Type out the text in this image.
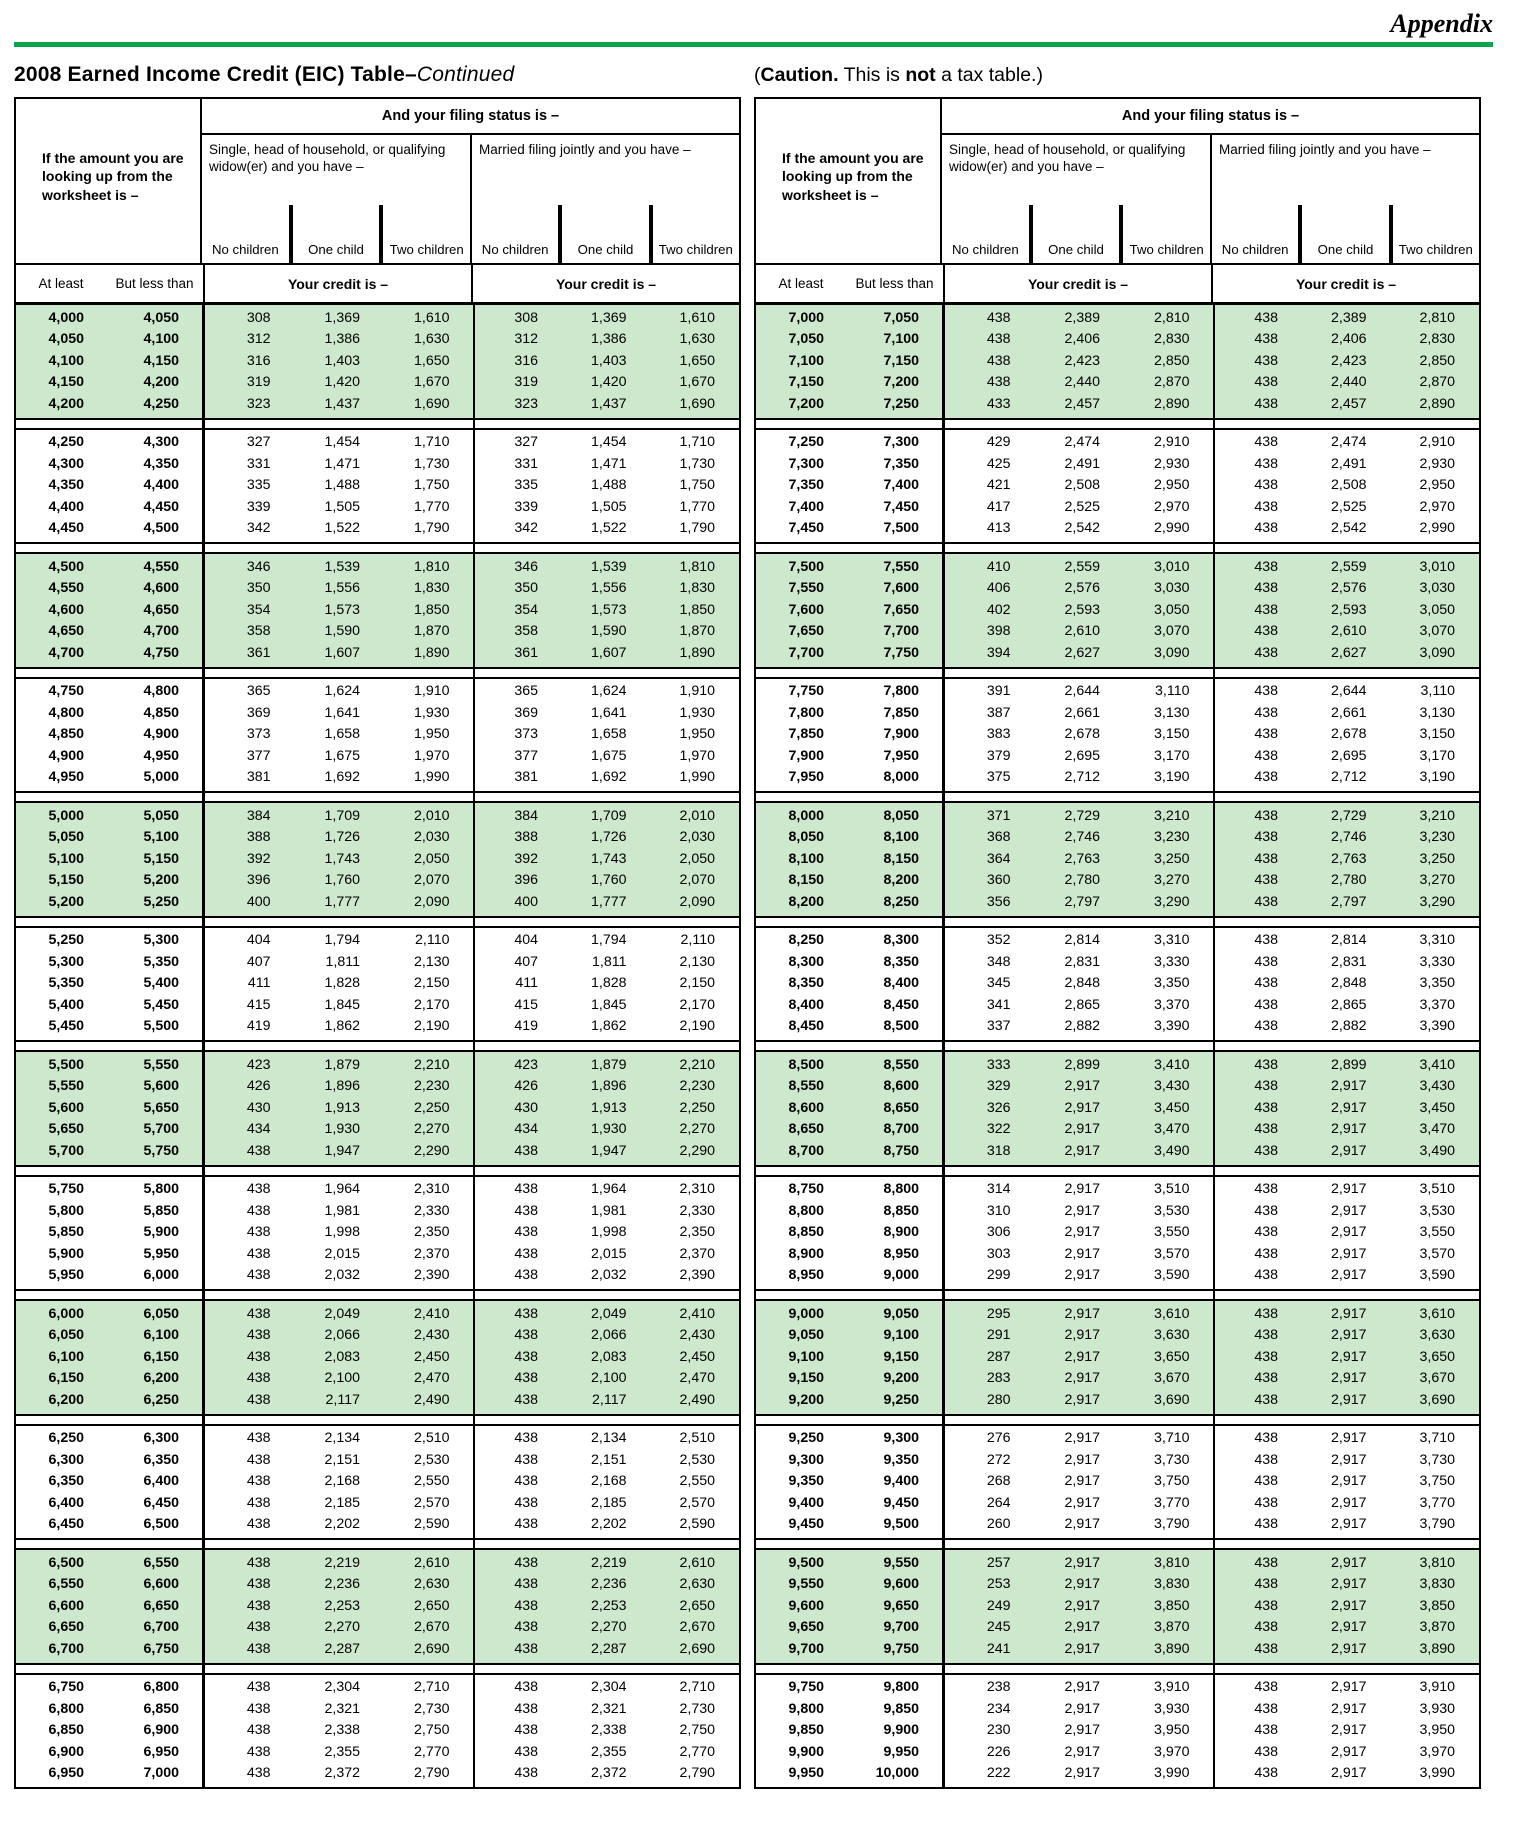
Appendix
2008 Earned Income Credit (EIC) Table–Continued	(Caution. This is not a tax table.)
If the amount you are looking up from the worksheet is –
And your filing status is –
Single, head of household, or qualifying widow(er) and you have –
No children	One child	Two children
Married filing jointly and you have –
No children	One child	Two children
At least	But less than	Your credit is –	Your credit is –
4,000	4,050	308	1,369	1,610	308	1,369	1,610
4,050	4,100	312	1,386	1,630	312	1,386	1,630
4,100	4,150	316	1,403	1,650	316	1,403	1,650
4,150	4,200	319	1,420	1,670	319	1,420	1,670
4,200	4,250	323	1,437	1,690	323	1,437	1,690
4,250	4,300	327	1,454	1,710	327	1,454	1,710
4,300	4,350	331	1,471	1,730	331	1,471	1,730
4,350	4,400	335	1,488	1,750	335	1,488	1,750
4,400	4,450	339	1,505	1,770	339	1,505	1,770
4,450	4,500	342	1,522	1,790	342	1,522	1,790
4,500	4,550	346	1,539	1,810	346	1,539	1,810
4,550	4,600	350	1,556	1,830	350	1,556	1,830
4,600	4,650	354	1,573	1,850	354	1,573	1,850
4,650	4,700	358	1,590	1,870	358	1,590	1,870
4,700	4,750	361	1,607	1,890	361	1,607	1,890
4,750	4,800	365	1,624	1,910	365	1,624	1,910
4,800	4,850	369	1,641	1,930	369	1,641	1,930
4,850	4,900	373	1,658	1,950	373	1,658	1,950
4,900	4,950	377	1,675	1,970	377	1,675	1,970
4,950	5,000	381	1,692	1,990	381	1,692	1,990
5,000	5,050	384	1,709	2,010	384	1,709	2,010
5,050	5,100	388	1,726	2,030	388	1,726	2,030
5,100	5,150	392	1,743	2,050	392	1,743	2,050
5,150	5,200	396	1,760	2,070	396	1,760	2,070
5,200	5,250	400	1,777	2,090	400	1,777	2,090
5,250	5,300	404	1,794	2,110	404	1,794	2,110
5,300	5,350	407	1,811	2,130	407	1,811	2,130
5,350	5,400	411	1,828	2,150	411	1,828	2,150
5,400	5,450	415	1,845	2,170	415	1,845	2,170
5,450	5,500	419	1,862	2,190	419	1,862	2,190
5,500	5,550	423	1,879	2,210	423	1,879	2,210
5,550	5,600	426	1,896	2,230	426	1,896	2,230
5,600	5,650	430	1,913	2,250	430	1,913	2,250
5,650	5,700	434	1,930	2,270	434	1,930	2,270
5,700	5,750	438	1,947	2,290	438	1,947	2,290
5,750	5,800	438	1,964	2,310	438	1,964	2,310
5,800	5,850	438	1,981	2,330	438	1,981	2,330
5,850	5,900	438	1,998	2,350	438	1,998	2,350
5,900	5,950	438	2,015	2,370	438	2,015	2,370
5,950	6,000	438	2,032	2,390	438	2,032	2,390
6,000	6,050	438	2,049	2,410	438	2,049	2,410
6,050	6,100	438	2,066	2,430	438	2,066	2,430
6,100	6,150	438	2,083	2,450	438	2,083	2,450
6,150	6,200	438	2,100	2,470	438	2,100	2,470
6,200	6,250	438	2,117	2,490	438	2,117	2,490
6,250	6,300	438	2,134	2,510	438	2,134	2,510
6,300	6,350	438	2,151	2,530	438	2,151	2,530
6,350	6,400	438	2,168	2,550	438	2,168	2,550
6,400	6,450	438	2,185	2,570	438	2,185	2,570
6,450	6,500	438	2,202	2,590	438	2,202	2,590
6,500	6,550	438	2,219	2,610	438	2,219	2,610
6,550	6,600	438	2,236	2,630	438	2,236	2,630
6,600	6,650	438	2,253	2,650	438	2,253	2,650
6,650	6,700	438	2,270	2,670	438	2,270	2,670
6,700	6,750	438	2,287	2,690	438	2,287	2,690
6,750	6,800	438	2,304	2,710	438	2,304	2,710
6,800	6,850	438	2,321	2,730	438	2,321	2,730
6,850	6,900	438	2,338	2,750	438	2,338	2,750
6,900	6,950	438	2,355	2,770	438	2,355	2,770
6,950	7,000	438	2,372	2,790	438	2,372	2,790
If the amount you are looking up from the worksheet is –
And your filing status is –
Single, head of household, or qualifying widow(er) and you have –
No children	One child	Two children
Married filing jointly and you have –
No children	One child	Two children
At least	But less than	Your credit is –	Your credit is –
7,000	7,050	438	2,389	2,810	438	2,389	2,810
7,050	7,100	438	2,406	2,830	438	2,406	2,830
7,100	7,150	438	2,423	2,850	438	2,423	2,850
7,150	7,200	438	2,440	2,870	438	2,440	2,870
7,200	7,250	433	2,457	2,890	438	2,457	2,890
7,250	7,300	429	2,474	2,910	438	2,474	2,910
7,300	7,350	425	2,491	2,930	438	2,491	2,930
7,350	7,400	421	2,508	2,950	438	2,508	2,950
7,400	7,450	417	2,525	2,970	438	2,525	2,970
7,450	7,500	413	2,542	2,990	438	2,542	2,990
7,500	7,550	410	2,559	3,010	438	2,559	3,010
7,550	7,600	406	2,576	3,030	438	2,576	3,030
7,600	7,650	402	2,593	3,050	438	2,593	3,050
7,650	7,700	398	2,610	3,070	438	2,610	3,070
7,700	7,750	394	2,627	3,090	438	2,627	3,090
7,750	7,800	391	2,644	3,110	438	2,644	3,110
7,800	7,850	387	2,661	3,130	438	2,661	3,130
7,850	7,900	383	2,678	3,150	438	2,678	3,150
7,900	7,950	379	2,695	3,170	438	2,695	3,170
7,950	8,000	375	2,712	3,190	438	2,712	3,190
8,000	8,050	371	2,729	3,210	438	2,729	3,210
8,050	8,100	368	2,746	3,230	438	2,746	3,230
8,100	8,150	364	2,763	3,250	438	2,763	3,250
8,150	8,200	360	2,780	3,270	438	2,780	3,270
8,200	8,250	356	2,797	3,290	438	2,797	3,290
8,250	8,300	352	2,814	3,310	438	2,814	3,310
8,300	8,350	348	2,831	3,330	438	2,831	3,330
8,350	8,400	345	2,848	3,350	438	2,848	3,350
8,400	8,450	341	2,865	3,370	438	2,865	3,370
8,450	8,500	337	2,882	3,390	438	2,882	3,390
8,500	8,550	333	2,899	3,410	438	2,899	3,410
8,550	8,600	329	2,917	3,430	438	2,917	3,430
8,600	8,650	326	2,917	3,450	438	2,917	3,450
8,650	8,700	322	2,917	3,470	438	2,917	3,470
8,700	8,750	318	2,917	3,490	438	2,917	3,490
8,750	8,800	314	2,917	3,510	438	2,917	3,510
8,800	8,850	310	2,917	3,530	438	2,917	3,530
8,850	8,900	306	2,917	3,550	438	2,917	3,550
8,900	8,950	303	2,917	3,570	438	2,917	3,570
8,950	9,000	299	2,917	3,590	438	2,917	3,590
9,000	9,050	295	2,917	3,610	438	2,917	3,610
9,050	9,100	291	2,917	3,630	438	2,917	3,630
9,100	9,150	287	2,917	3,650	438	2,917	3,650
9,150	9,200	283	2,917	3,670	438	2,917	3,670
9,200	9,250	280	2,917	3,690	438	2,917	3,690
9,250	9,300	276	2,917	3,710	438	2,917	3,710
9,300	9,350	272	2,917	3,730	438	2,917	3,730
9,350	9,400	268	2,917	3,750	438	2,917	3,750
9,400	9,450	264	2,917	3,770	438	2,917	3,770
9,450	9,500	260	2,917	3,790	438	2,917	3,790
9,500	9,550	257	2,917	3,810	438	2,917	3,810
9,550	9,600	253	2,917	3,830	438	2,917	3,830
9,600	9,650	249	2,917	3,850	438	2,917	3,850
9,650	9,700	245	2,917	3,870	438	2,917	3,870
9,700	9,750	241	2,917	3,890	438	2,917	3,890
9,750	9,800	238	2,917	3,910	438	2,917	3,910
9,800	9,850	234	2,917	3,930	438	2,917	3,930
9,850	9,900	230	2,917	3,950	438	2,917	3,950
9,900	9,950	226	2,917	3,970	438	2,917	3,970
9,950	10,000	222	2,917	3,990	438	2,917	3,990
